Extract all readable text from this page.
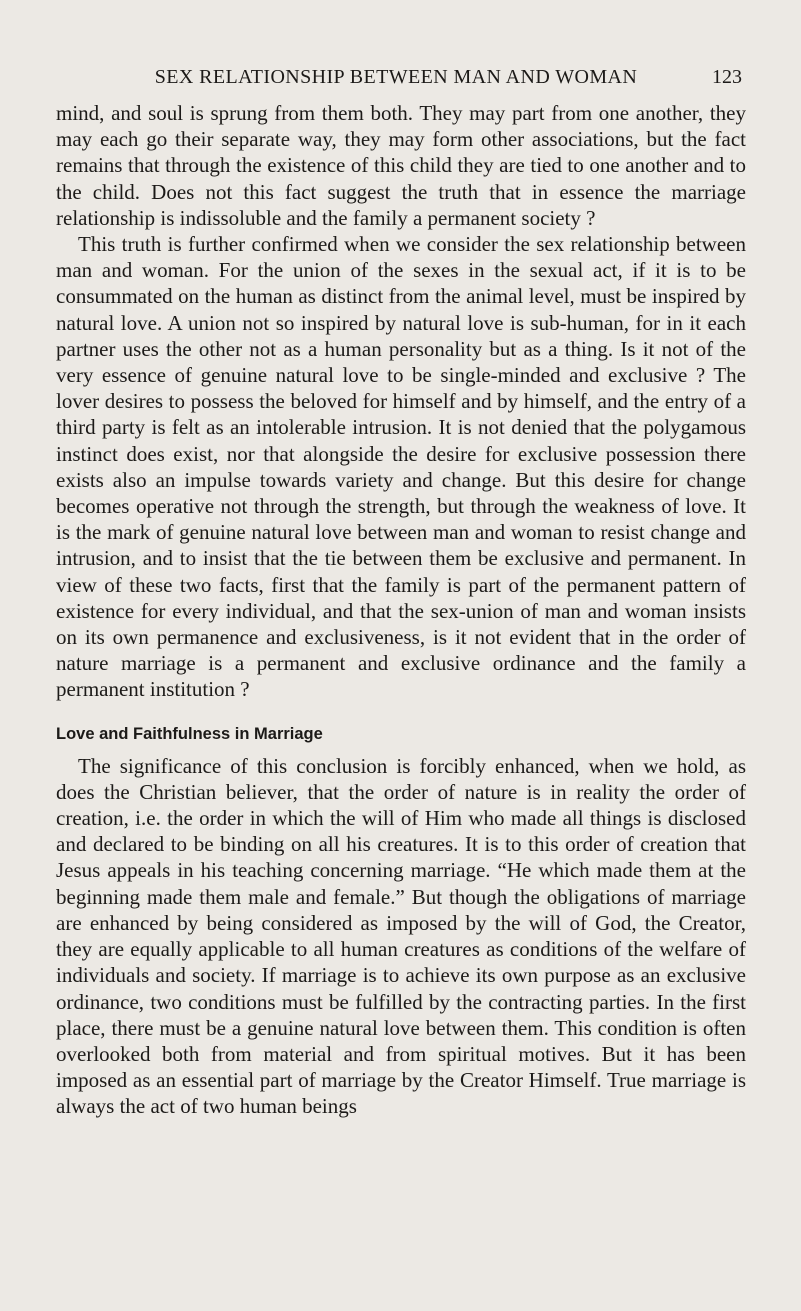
SEX RELATIONSHIP BETWEEN MAN AND WOMAN	123

mind, and soul is sprung from them both. They may part from one another, they may each go their separate way, they may form other associations, but the fact remains that through the existence of this child they are tied to one another and to the child. Does not this fact suggest the truth that in essence the marriage relationship is indissoluble and the family a permanent society ?

This truth is further confirmed when we consider the sex relationship between man and woman. For the union of the sexes in the sexual act, if it is to be consummated on the human as distinct from the animal level, must be inspired by natural love. A union not so inspired by natural love is sub-human, for in it each partner uses the other not as a human personality but as a thing. Is it not of the very essence of genuine natural love to be single-minded and exclusive ? The lover desires to possess the beloved for himself and by himself, and the entry of a third party is felt as an intolerable intrusion. It is not denied that the polygamous instinct does exist, nor that alongside the desire for exclusive possession there exists also an impulse towards variety and change. But this desire for change becomes operative not through the strength, but through the weakness of love. It is the mark of genuine natural love between man and woman to resist change and intrusion, and to insist that the tie between them be exclusive and permanent. In view of these two facts, first that the family is part of the permanent pattern of existence for every individual, and that the sex-union of man and woman insists on its own permanence and exclusiveness, is it not evident that in the order of nature marriage is a permanent and exclusive ordinance and the family a permanent institution ?

Love and Faithfulness in Marriage

The significance of this conclusion is forcibly enhanced, when we hold, as does the Christian believer, that the order of nature is in reality the order of creation, i.e. the order in which the will of Him who made all things is disclosed and declared to be binding on all his creatures. It is to this order of creation that Jesus appeals in his teaching concerning marriage. “He which made them at the beginning made them male and female.” But though the obligations of marriage are enhanced by being considered as imposed by the will of God, the Creator, they are equally applicable to all human creatures as conditions of the welfare of individuals and society. If marriage is to achieve its own purpose as an exclusive ordinance, two conditions must be fulfilled by the contracting parties. In the first place, there must be a genuine natural love between them. This condition is often overlooked both from material and from spiritual motives. But it has been imposed as an essential part of marriage by the Creator Himself. True marriage is always the act of two human beings
